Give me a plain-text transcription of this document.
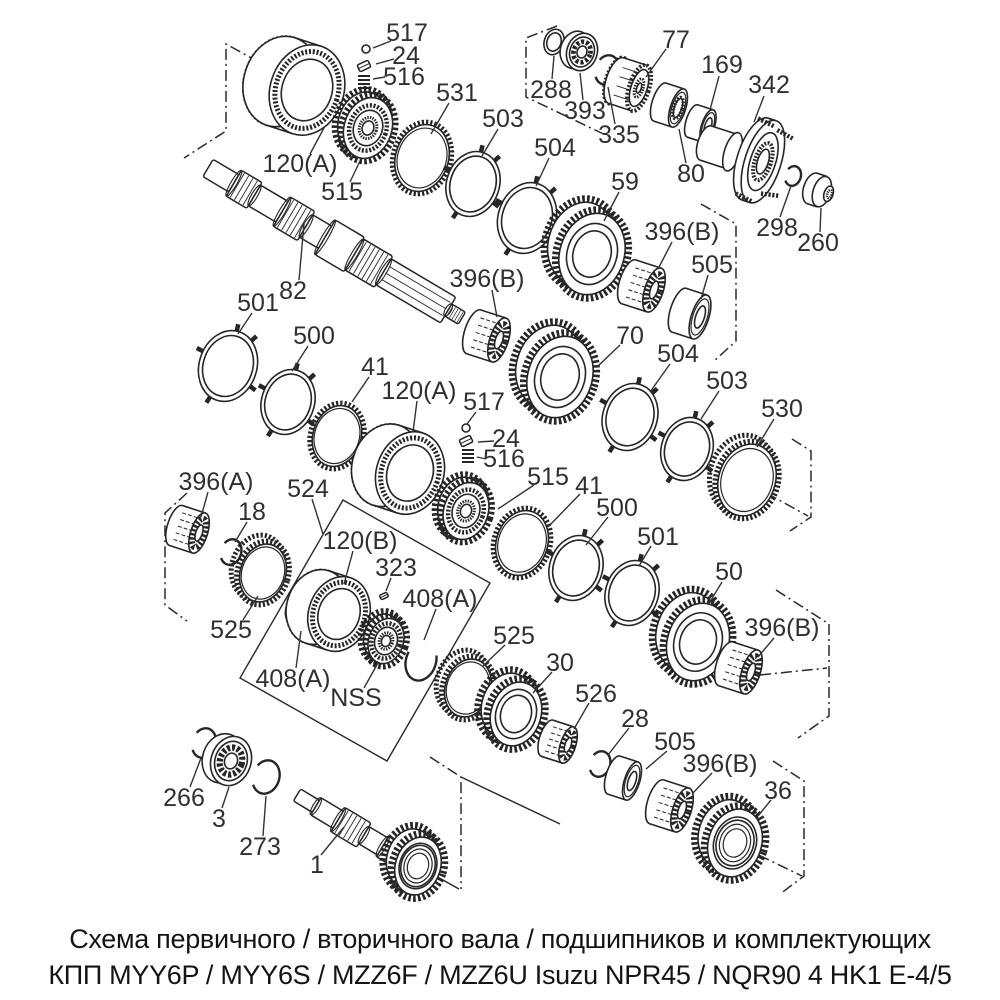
517
24
516
531
503
504
77
288
393
335
169
342
59 80
396(B)
505
298
260
120(A)
515
82	396(B)
70
504
503
530
501
500
41
120(A) 517
24
516
515 41
500
501
396(A)
18
524
120(B)
323
408(A)
525
408(A)
NSS
525
30
526
28
505
396(B)
36
50
396(B)
266
3
273
1
Схема первичного / вторичного вала / подшипников и комплектующих
КПП MYY6P / MYY6S / MZZ6F / MZZ6U Isuzu NPR45 / NQR90 4 HK1 E-4/5
